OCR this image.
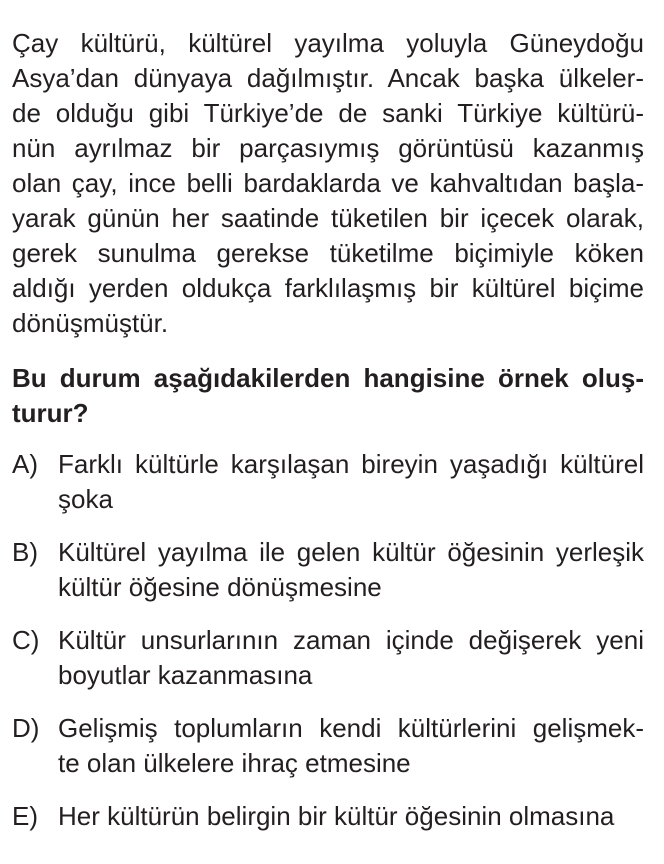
Çay kültürü, kültürel yayılma yoluyla Güneydoğu
Asya’dan dünyaya dağılmıştır. Ancak başka ülkeler-
de olduğu gibi Türkiye’de de sanki Türkiye kültürü-
nün ayrılmaz bir parçasıymış görüntüsü kazanmış
olan çay, ince belli bardaklarda ve kahvaltıdan başla-
yarak günün her saatinde tüketilen bir içecek olarak,
gerek sunulma gerekse tüketilme biçimiyle köken
aldığı yerden oldukça farklılaşmış bir kültürel biçime
dönüşmüştür.
Bu durum aşağıdakilerden hangisine örnek oluş-
turur?
A) Farklı kültürle karşılaşan bireyin yaşadığı kültürel
şoka
B) Kültürel yayılma ile gelen kültür öğesinin yerleşik
kültür öğesine dönüşmesine
C) Kültür unsurlarının zaman içinde değişerek yeni
boyutlar kazanmasına
D) Gelişmiş toplumların kendi kültürlerini gelişmek-
te olan ülkelere ihraç etmesine
E) Her kültürün belirgin bir kültür öğesinin olmasına
